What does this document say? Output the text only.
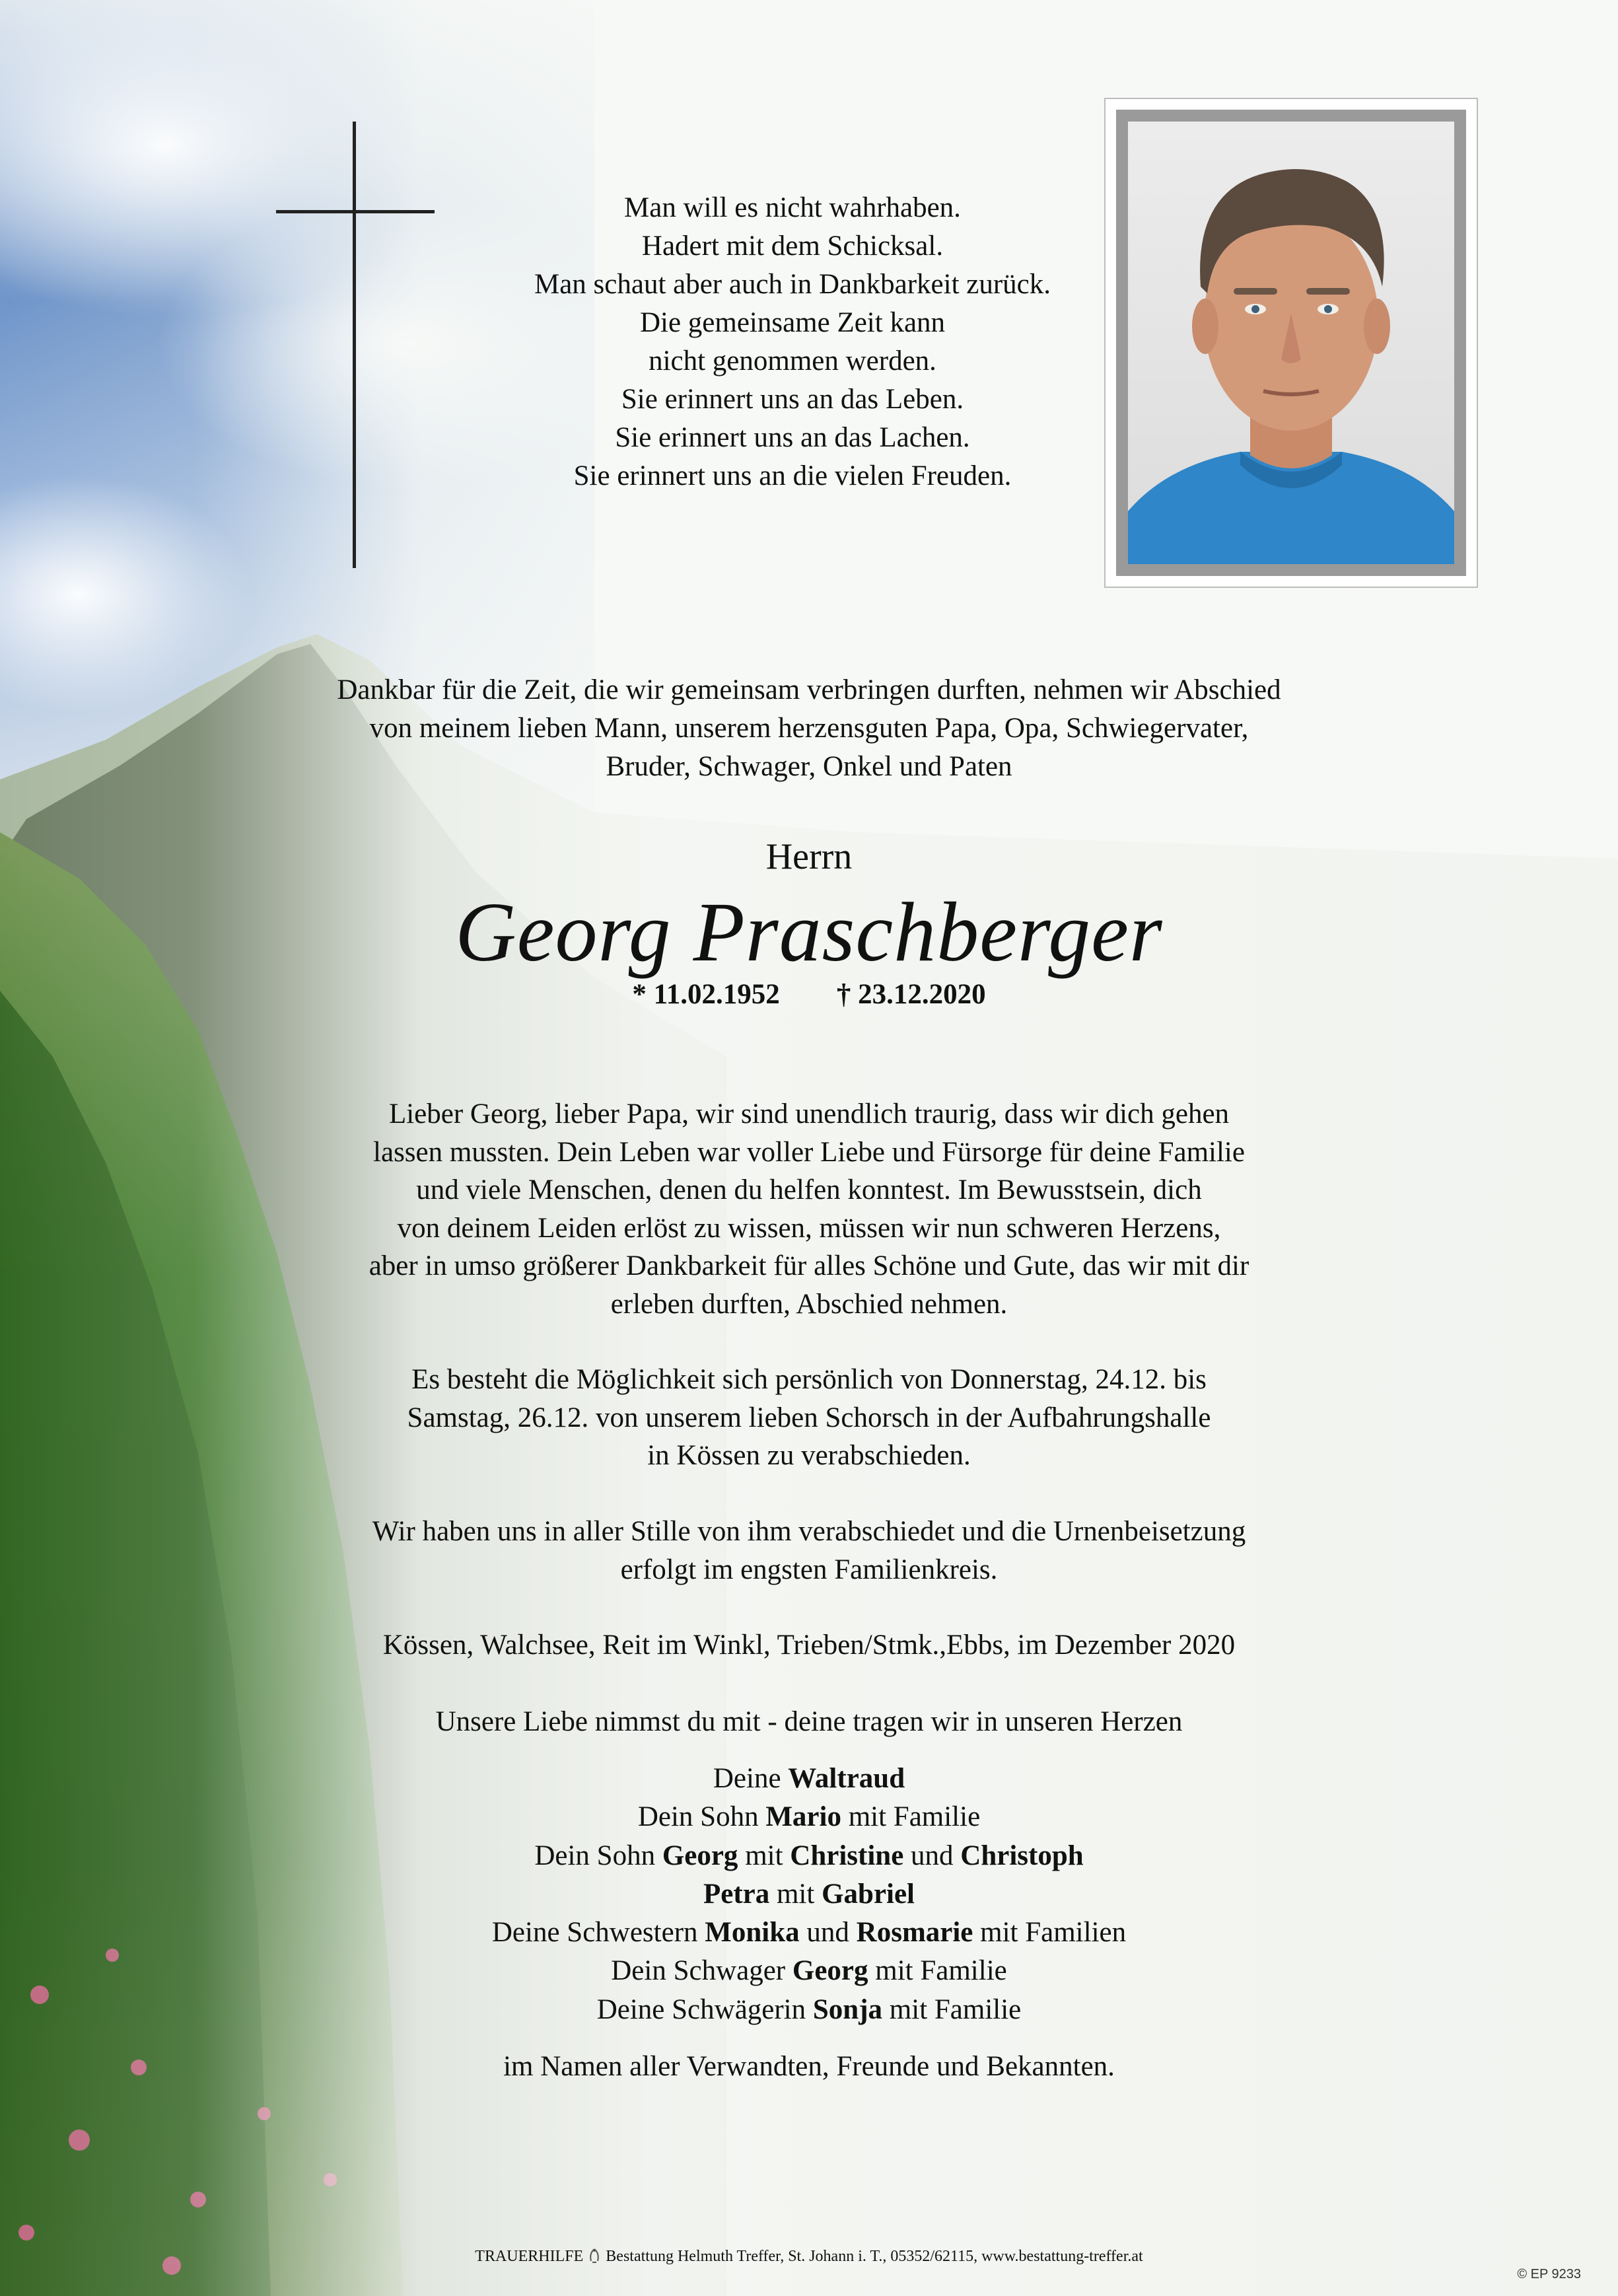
Man will es nicht wahrhaben.
Hadert mit dem Schicksal.
Man schaut aber auch in Dankbarkeit zurück.
Die gemeinsame Zeit kann
nicht genommen werden.
Sie erinnert uns an das Leben.
Sie erinnert uns an das Lachen.
Sie erinnert uns an die vielen Freuden.
Dankbar für die Zeit, die wir gemeinsam verbringen durften, nehmen wir Abschied
von meinem lieben Mann, unserem herzensguten Papa, Opa, Schwiegervater,
Bruder, Schwager, Onkel und Paten
Herrn
Georg Praschberger
* 11.02.1952 † 23.12.2020
Lieber Georg, lieber Papa, wir sind unendlich traurig, dass wir dich gehen
lassen mussten. Dein Leben war voller Liebe und Fürsorge für deine Familie
und viele Menschen, denen du helfen konntest. Im Bewusstsein, dich
von deinem Leiden erlöst zu wissen, müssen wir nun schweren Herzens,
aber in umso größerer Dankbarkeit für alles Schöne und Gute, das wir mit dir
erleben durften, Abschied nehmen.
Es besteht die Möglichkeit sich persönlich von Donnerstag, 24.12. bis
Samstag, 26.12. von unserem lieben Schorsch in der Aufbahrungshalle
in Kössen zu verabschieden.
Wir haben uns in aller Stille von ihm verabschiedet und die Urnenbeisetzung
erfolgt im engsten Familienkreis.
Kössen, Walchsee, Reit im Winkl, Trieben/Stmk.,Ebbs, im Dezember 2020
Unsere Liebe nimmst du mit - deine tragen wir in unseren Herzen
Deine Waltraud
Dein Sohn Mario mit Familie
Dein Sohn Georg mit Christine und Christoph
Petra mit Gabriel
Deine Schwestern Monika und Rosmarie mit Familien
Dein Schwager Georg mit Familie
Deine Schwägerin Sonja mit Familie
im Namen aller Verwandten, Freunde und Bekannten.
TRAUERHILFE Bestattung Helmuth Treffer, St. Johann i. T., 05352/62115, www.bestattung-treffer.at
© EP 9233
